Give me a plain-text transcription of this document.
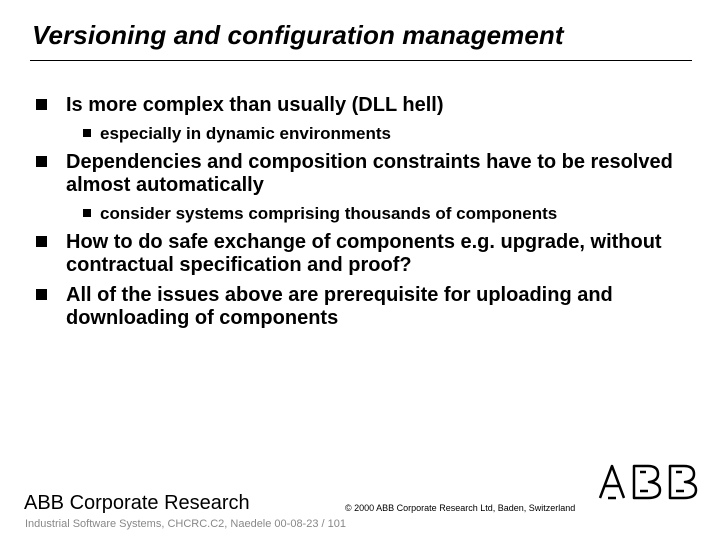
Versioning and configuration management
Is more complex than usually (DLL hell)
especially in dynamic environments
Dependencies and composition constraints have to be resolved almost automatically
consider systems comprising thousands of components
How to do safe exchange of components e.g. upgrade, without contractual specification and proof?
All of the issues above are prerequisite for uploading and downloading of components
ABB Corporate Research
Industrial Software Systems, CHCRC.C2, Naedele 00-08-23 / 101
© 2000 ABB Corporate Research Ltd, Baden, Switzerland
